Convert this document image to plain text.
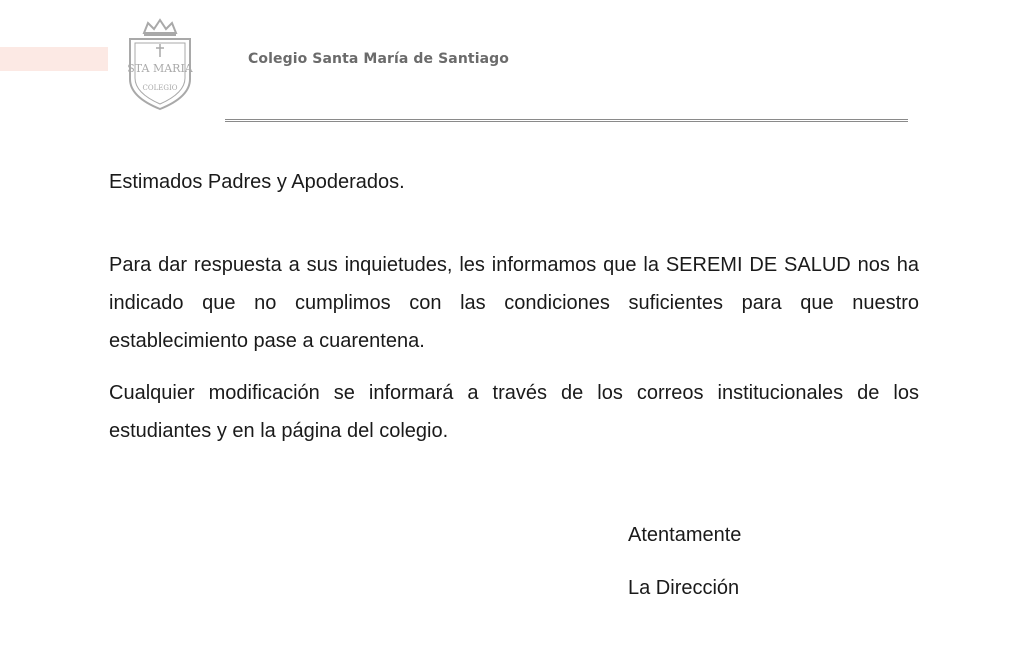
STA MARIA
COLEGIO
Colegio Santa María de Santiago

Estimados Padres y Apoderados.

Para dar respuesta a sus inquietudes, les informamos que la SEREMI DE SALUD nos ha indicado que no cumplimos con las condiciones suficientes para que nuestro establecimiento pase a cuarentena.

Cualquier modificación se informará a través de los correos institucionales de los estudiantes y en la página del colegio.

Atentamente

La Dirección
